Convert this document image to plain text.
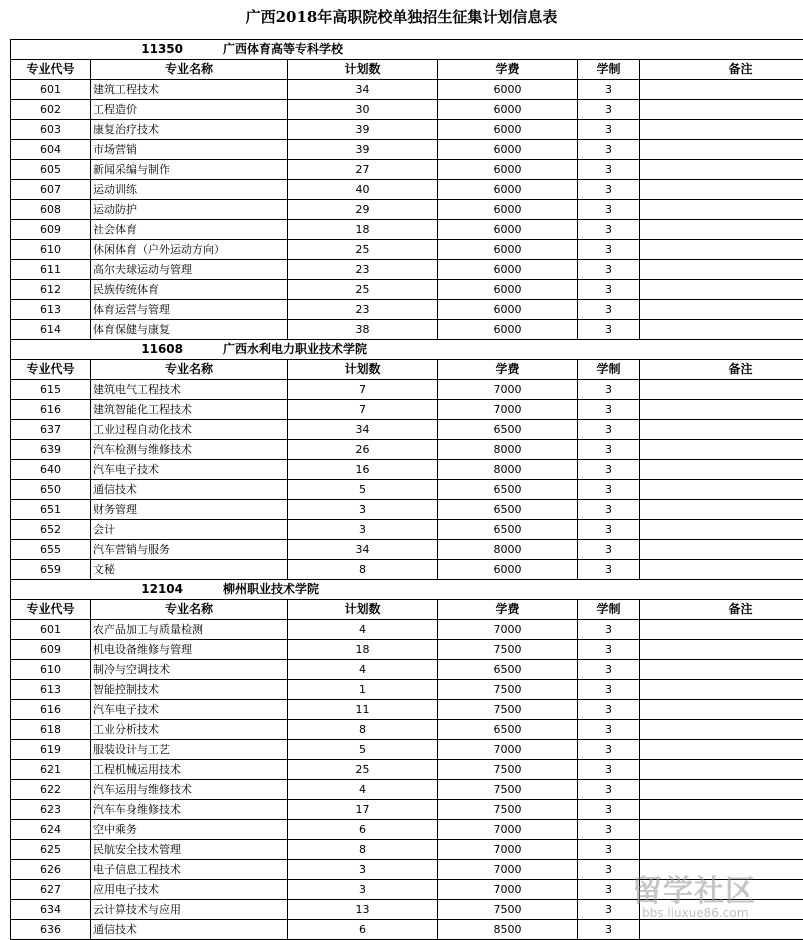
广西2018年高职院校单独招生征集计划信息表
11350 广西体育高等专科学校					
专业代号	专业名称	计划数	学费	学制	备注
601	建筑工程技术	34	6000	3	
602	工程造价	30	6000	3	
603	康复治疗技术	39	6000	3	
604	市场营销	39	6000	3	
605	新闻采编与制作	27	6000	3	
607	运动训练	40	6000	3	
608	运动防护	29	6000	3	
609	社会体育	18	6000	3	
610	休闲体育（户外运动方向）	25	6000	3	
611	高尔夫球运动与管理	23	6000	3	
612	民族传统体育	25	6000	3	
613	体育运营与管理	23	6000	3	
614	体育保健与康复	38	6000	3	
11608 广西水利电力职业技术学院					
专业代号	专业名称	计划数	学费	学制	备注
615	建筑电气工程技术	7	7000	3	
616	建筑智能化工程技术	7	7000	3	
637	工业过程自动化技术	34	6500	3	
639	汽车检测与维修技术	26	8000	3	
640	汽车电子技术	16	8000	3	
650	通信技术	5	6500	3	
651	财务管理	3	6500	3	
652	会计	3	6500	3	
655	汽车营销与服务	34	8000	3	
659	文秘	8	6000	3	
12104 柳州职业技术学院					
专业代号	专业名称	计划数	学费	学制	备注
601	农产品加工与质量检测	4	7000	3	
609	机电设备维修与管理	18	7500	3	
610	制冷与空调技术	4	6500	3	
613	智能控制技术	1	7500	3	
616	汽车电子技术	11	7500	3	
618	工业分析技术	8	6500	3	
619	服装设计与工艺	5	7000	3	
621	工程机械运用技术	25	7500	3	
622	汽车运用与维修技术	4	7500	3	
623	汽车车身维修技术	17	7500	3	
624	空中乘务	6	7000	3	
625	民航安全技术管理	8	7000	3	
626	电子信息工程技术	3	7000	3	
627	应用电子技术	3	7000	3	
634	云计算技术与应用	13	7500	3	
636	通信技术	6	8500	3	
留学社区
bbs.liuxue86.com
